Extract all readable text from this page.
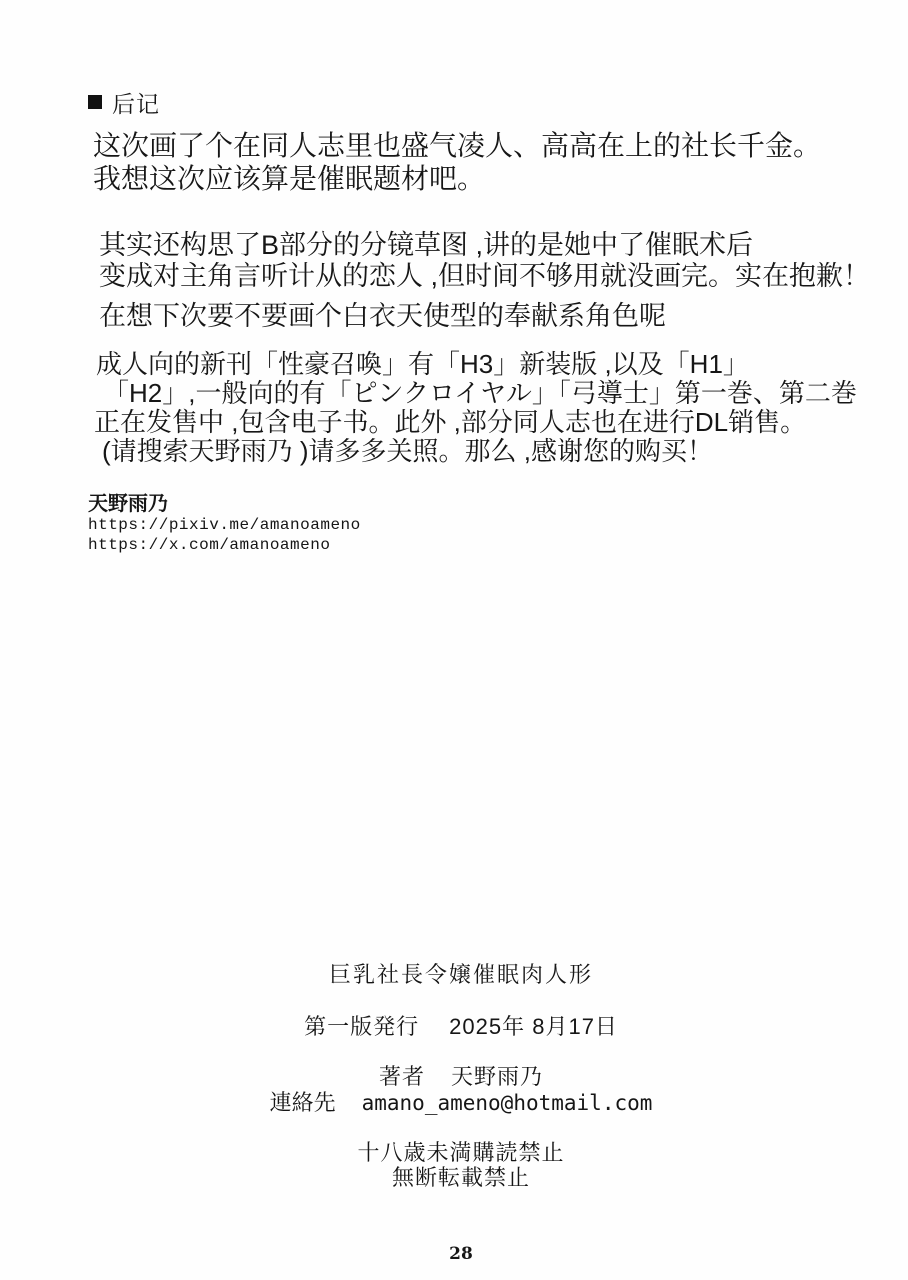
后记
这次画了个在同人志里也盛气凌人、高高在上的社长千金。
我想这次应该算是催眠题材吧。
其实还构思了B部分的分镜草图 ,讲的是她中了催眠术后
变成对主角言听计从的恋人 ,但时间不够用就没画完。实在抱歉！
在想下次要不要画个白衣天使型的奉献系角色呢
成人向的新刊「性豪召喚」有「H3」新装版 ,以及「H1」
「H2」,一般向的有「ピンクロイヤル」「弓導士」第一巻、第二巻
正在发售中 ,包含电子书。此外 ,部分同人志也在进行DL销售。
(请搜索天野雨乃 )请多多关照。那么 ,感谢您的购买！
天野雨乃
https://pixiv.me/amanoameno
https://x.com/amanoameno
巨乳社長令嬢催眠肉人形
第一版発行　 2025年 8月17日
著者 天野雨乃
連絡先 amano_ameno@hotmail.com
十八歳未満購読禁止
無断転載禁止
28
